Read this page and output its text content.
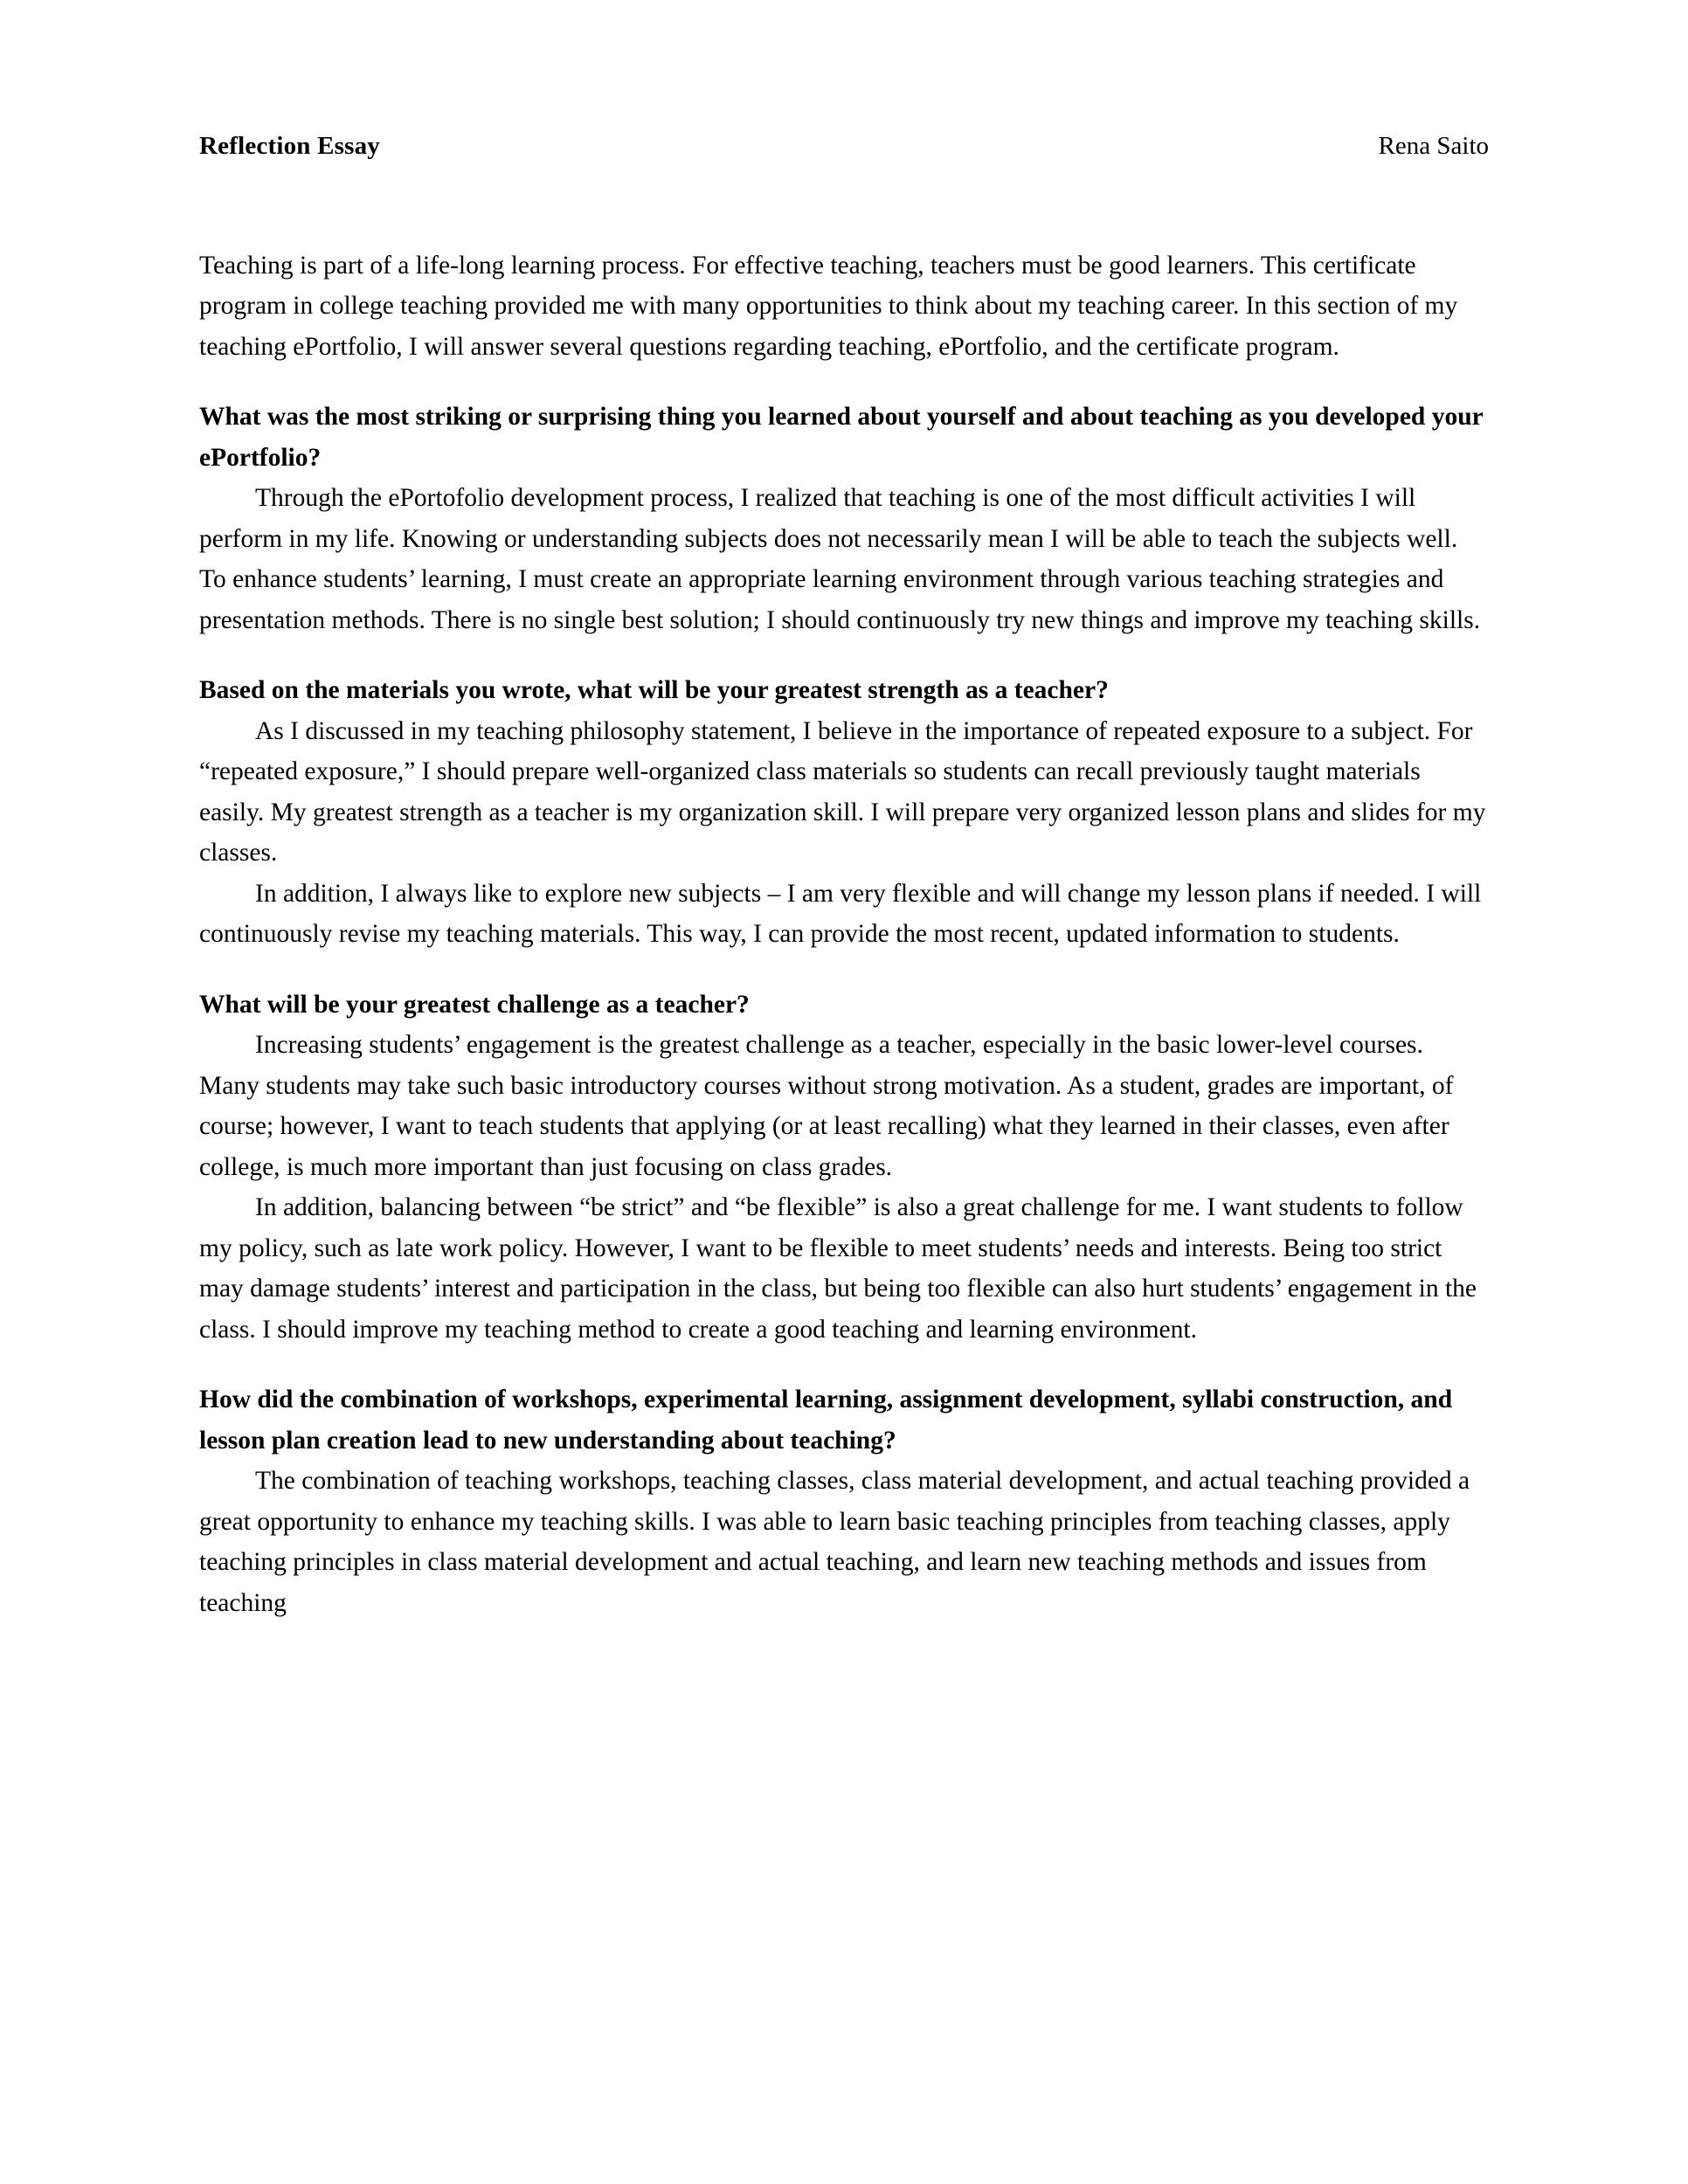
Reflection Essay	Rena Saito

Teaching is part of a life-long learning process. For effective teaching, teachers must be good learners. This certificate program in college teaching provided me with many opportunities to think about my teaching career. In this section of my teaching ePortfolio, I will answer several questions regarding teaching, ePortfolio, and the certificate program.

What was the most striking or surprising thing you learned about yourself and about teaching as you developed your ePortfolio?

Through the ePortofolio development process, I realized that teaching is one of the most difficult activities I will perform in my life. Knowing or understanding subjects does not necessarily mean I will be able to teach the subjects well. To enhance students’ learning, I must create an appropriate learning environment through various teaching strategies and presentation methods. There is no single best solution; I should continuously try new things and improve my teaching skills.

Based on the materials you wrote, what will be your greatest strength as a teacher?

As I discussed in my teaching philosophy statement, I believe in the importance of repeated exposure to a subject. For “repeated exposure,” I should prepare well-organized class materials so students can recall previously taught materials easily. My greatest strength as a teacher is my organization skill. I will prepare very organized lesson plans and slides for my classes.

In addition, I always like to explore new subjects – I am very flexible and will change my lesson plans if needed. I will continuously revise my teaching materials. This way, I can provide the most recent, updated information to students.

What will be your greatest challenge as a teacher?

Increasing students’ engagement is the greatest challenge as a teacher, especially in the basic lower-level courses. Many students may take such basic introductory courses without strong motivation. As a student, grades are important, of course; however, I want to teach students that applying (or at least recalling) what they learned in their classes, even after college, is much more important than just focusing on class grades.

In addition, balancing between “be strict” and “be flexible” is also a great challenge for me. I want students to follow my policy, such as late work policy. However, I want to be flexible to meet students’ needs and interests. Being too strict may damage students’ interest and participation in the class, but being too flexible can also hurt students’ engagement in the class. I should improve my teaching method to create a good teaching and learning environment.

How did the combination of workshops, experimental learning, assignment development, syllabi construction, and lesson plan creation lead to new understanding about teaching?

The combination of teaching workshops, teaching classes, class material development, and actual teaching provided a great opportunity to enhance my teaching skills. I was able to learn basic teaching principles from teaching classes, apply teaching principles in class material development and actual teaching, and learn new teaching methods and issues from teaching
